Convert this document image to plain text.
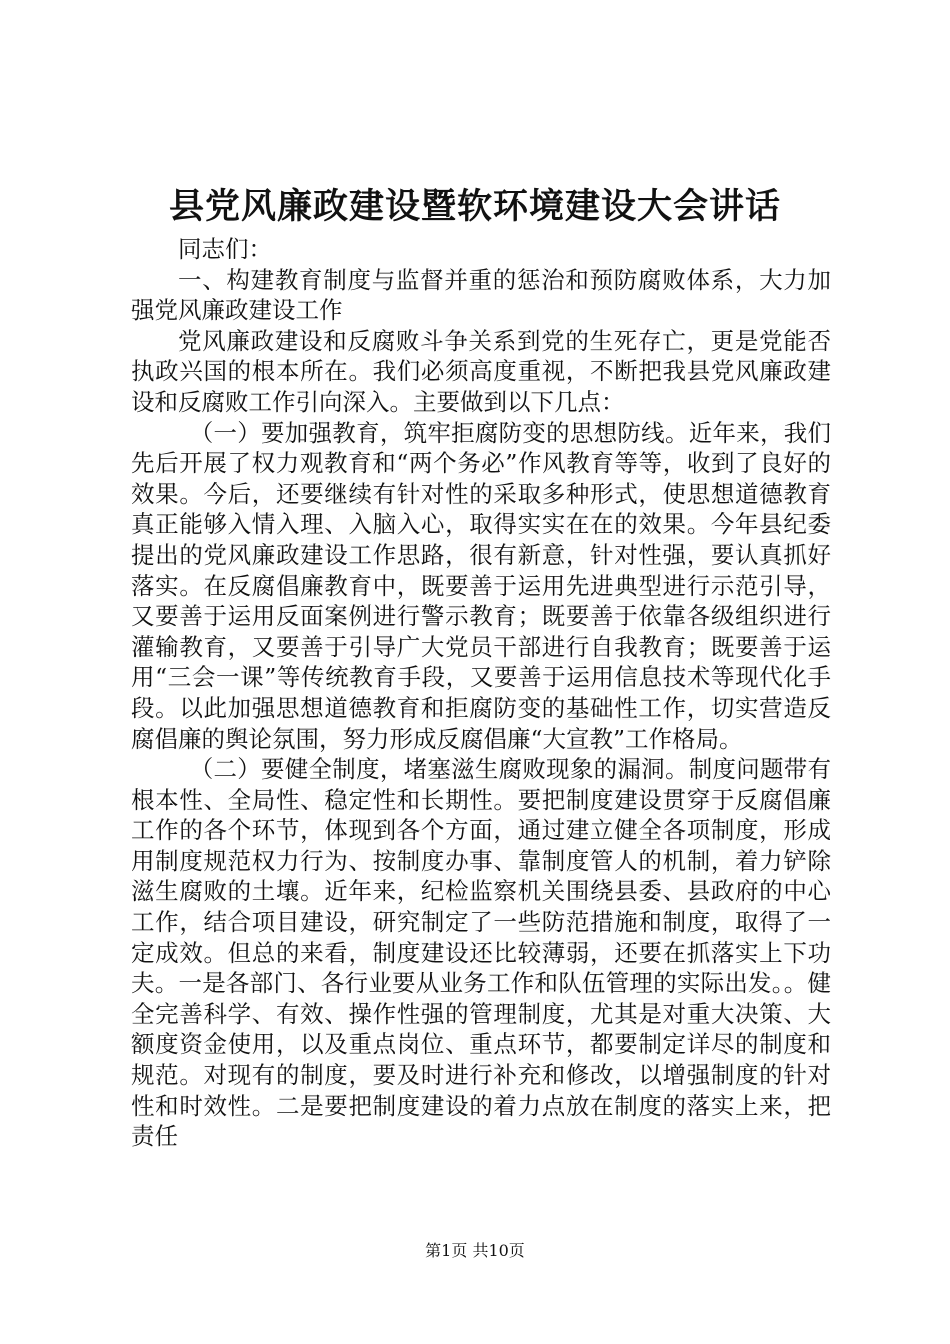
县党风廉政建设暨软环境建设大会讲话

同志们：

一、构建教育制度与监督并重的惩治和预防腐败体系，大力加强党风廉政建设工作

党风廉政建设和反腐败斗争关系到党的生死存亡，更是党能否执政兴国的根本所在。我们必须高度重视，不断把我县党风廉政建设和反腐败工作引向深入。主要做到以下几点：

（一）要加强教育，筑牢拒腐防变的思想防线。近年来，我们先后开展了权力观教育和“两个务必”作风教育等等，收到了良好的效果。今后，还要继续有针对性的采取多种形式，使思想道德教育真正能够入情入理、入脑入心，取得实实在在的效果。今年县纪委提出的党风廉政建设工作思路，很有新意，针对性强，要认真抓好落实。在反腐倡廉教育中，既要善于运用先进典型进行示范引导，又要善于运用反面案例进行警示教育；既要善于依靠各级组织进行灌输教育，又要善于引导广大党员干部进行自我教育；既要善于运用“三会一课”等传统教育手段，又要善于运用信息技术等现代化手段。以此加强思想道德教育和拒腐防变的基础性工作，切实营造反腐倡廉的舆论氛围，努力形成反腐倡廉“大宣教”工作格局。

（二）要健全制度，堵塞滋生腐败现象的漏洞。制度问题带有根本性、全局性、稳定性和长期性。要把制度建设贯穿于反腐倡廉工作的各个环节，体现到各个方面，通过建立健全各项制度，形成用制度规范权力行为、按制度办事、靠制度管人的机制，着力铲除滋生腐败的土壤。近年来，纪检监察机关围绕县委、县政府的中心工作，结合项目建设，研究制定了一些防范措施和制度，取得了一定成效。但总的来看，制度建设还比较薄弱，还要在抓落实上下功夫。一是各部门、各行业要从业务工作和队伍管理的实际出发。。健全完善科学、有效、操作性强的管理制度，尤其是对重大决策、大额度资金使用，以及重点岗位、重点环节，都要制定详尽的制度和规范。对现有的制度，要及时进行补充和修改，以增强制度的针对性和时效性。二是要把制度建设的着力点放在制度的落实上来，把责任

第1页 共10页
